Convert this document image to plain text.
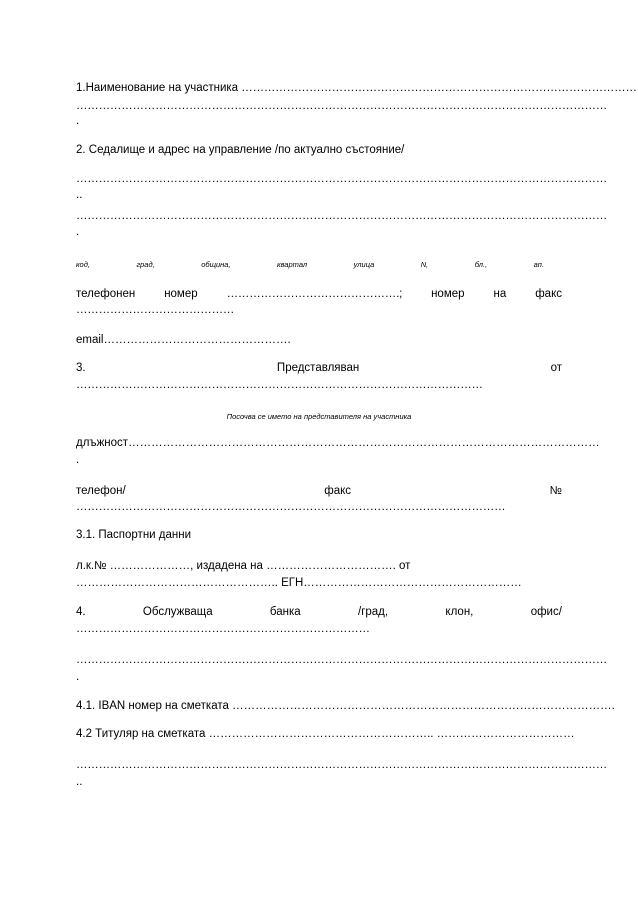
1.Наименование на участника ……………………………………………………………………………………………
……………………………………………………………………………………………………………………………
.
2. Седалище и адрес на управление /по актуално състояние/
……………………………………………………………………………………………………………………………
..
……………………………………………………………………………………………………………………………
.
код,	град,	община,	квартал	улица	N,	бл.,	ап.
телефонен	номер	……………………………………….;	номер	на	факс
……………………………………
email………………………………………….
3.	Представляван	от
………………………………………………………………………………………………
Посочва се името на представителя на участника
длъжност……………………………………………………………………………………………………………
.
телефон/	факс	№
……………………………………………………………………………………………………
3.1. Паспортни данни
л.к.№ …………………, издадена на ……………………………. от
…………………………………………….. ЕГН…………………………………………………
4.	Обслужваща	банка	/град,	клон,	офис/
……………………………………………………………………
……………………………………………………………………………………………………………………………
.
4.1. IBAN номер на сметката ……………………………………………………………………………………….
4.2 Титуляр на сметката ………………………………………………….. ………………………………
……………………………………………………………………………………………………………………………
..
